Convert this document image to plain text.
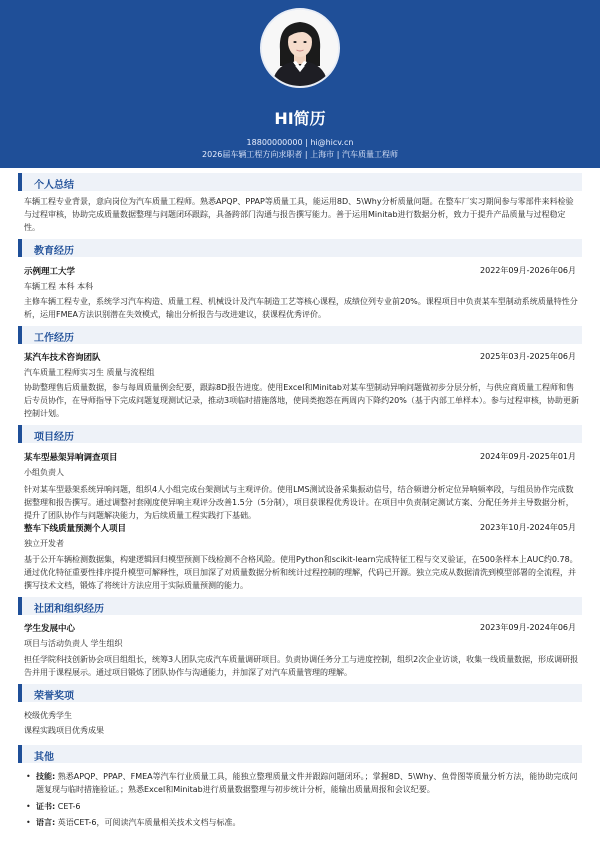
HI简历
18800000000 | hi@hicv.cn
2026届车辆工程方向求职者 | 上海市 | 汽车质量工程师
个人总结
车辆工程专业背景，意向岗位为汽车质量工程师。熟悉APQP、PPAP等质量工具，能运用8D、5\Why分析质量问题。在整车厂实习期间参与零部件来料检验与过程审核，协助完成质量数据整理与问题闭环跟踪，具备跨部门沟通与报告撰写能力。善于运用Minitab进行数据分析，致力于提升产品质量与过程稳定性。
教育经历
示例理工大学	2022年09月-2026年06月
车辆工程 本科 本科
主修车辆工程专业，系统学习汽车构造、质量工程、机械设计及汽车制造工艺等核心课程，成绩位列专业前20%。课程项目中负责某车型制动系统质量特性分析，运用FMEA方法识别潜在失效模式，输出分析报告与改进建议，获课程优秀评价。
工作经历
某汽车技术咨询团队	2025年03月-2025年06月
汽车质量工程师实习生 质量与流程组
协助整理售后质量数据，参与每周质量例会纪要，跟踪8D报告进度。使用Excel和Minitab对某车型制动异响问题做初步分层分析，与供应商质量工程师和售后专员协作，在导师指导下完成问题复现测试记录，推动3项临时措施落地，使同类抱怨在两周内下降约20%（基于内部工单样本）。参与过程审核，协助更新控制计划。
项目经历
某车型悬架异响调查项目	2024年09月-2025年01月
小组负责人
针对某车型悬架系统异响问题，组织4人小组完成台架测试与主观评价。使用LMS测试设备采集振动信号，结合频谱分析定位异响频率段，与组员协作完成数据整理和报告撰写。通过调整衬套刚度使异响主观评分改善1.5分（5分制），项目获课程优秀设计。在项目中负责制定测试方案、分配任务并主导数据分析，提升了团队协作与问题解决能力，为后续质量工程实践打下基础。
整车下线质量预测个人项目	2023年10月-2024年05月
独立开发者
基于公开车辆检测数据集，构建逻辑回归模型预测下线检测不合格风险。使用Python和scikit-learn完成特征工程与交叉验证，在500条样本上AUC约0.78。通过优化特征重要性排序提升模型可解释性，项目加深了对质量数据分析和统计过程控制的理解，代码已开源。独立完成从数据清洗到模型部署的全流程，并撰写技术文档，锻炼了将统计方法应用于实际质量预测的能力。
社团和组织经历
学生发展中心	2023年09月-2024年06月
项目与活动负责人 学生组织
担任学院科技创新协会项目组组长，统筹3人团队完成汽车质量调研项目。负责协调任务分工与进度控制，组织2次企业访谈，收集一线质量数据，形成调研报告并用于课程展示。通过项目锻炼了团队协作与沟通能力，并加深了对汽车质量管理的理解。
荣誉奖项
校级优秀学生
课程实践项目优秀成果
其他
• 技能: 熟悉APQP、PPAP、FMEA等汽车行业质量工具，能独立整理质量文件并跟踪问题闭环。；掌握8D、5\Why、鱼骨图等质量分析方法，能协助完成问题复现与临时措施验证。；熟悉Excel和Minitab进行质量数据整理与初步统计分析，能输出质量周报和会议纪要。
• 证书: CET-6
• 语言: 英语CET-6，可阅读汽车质量相关技术文档与标准。
